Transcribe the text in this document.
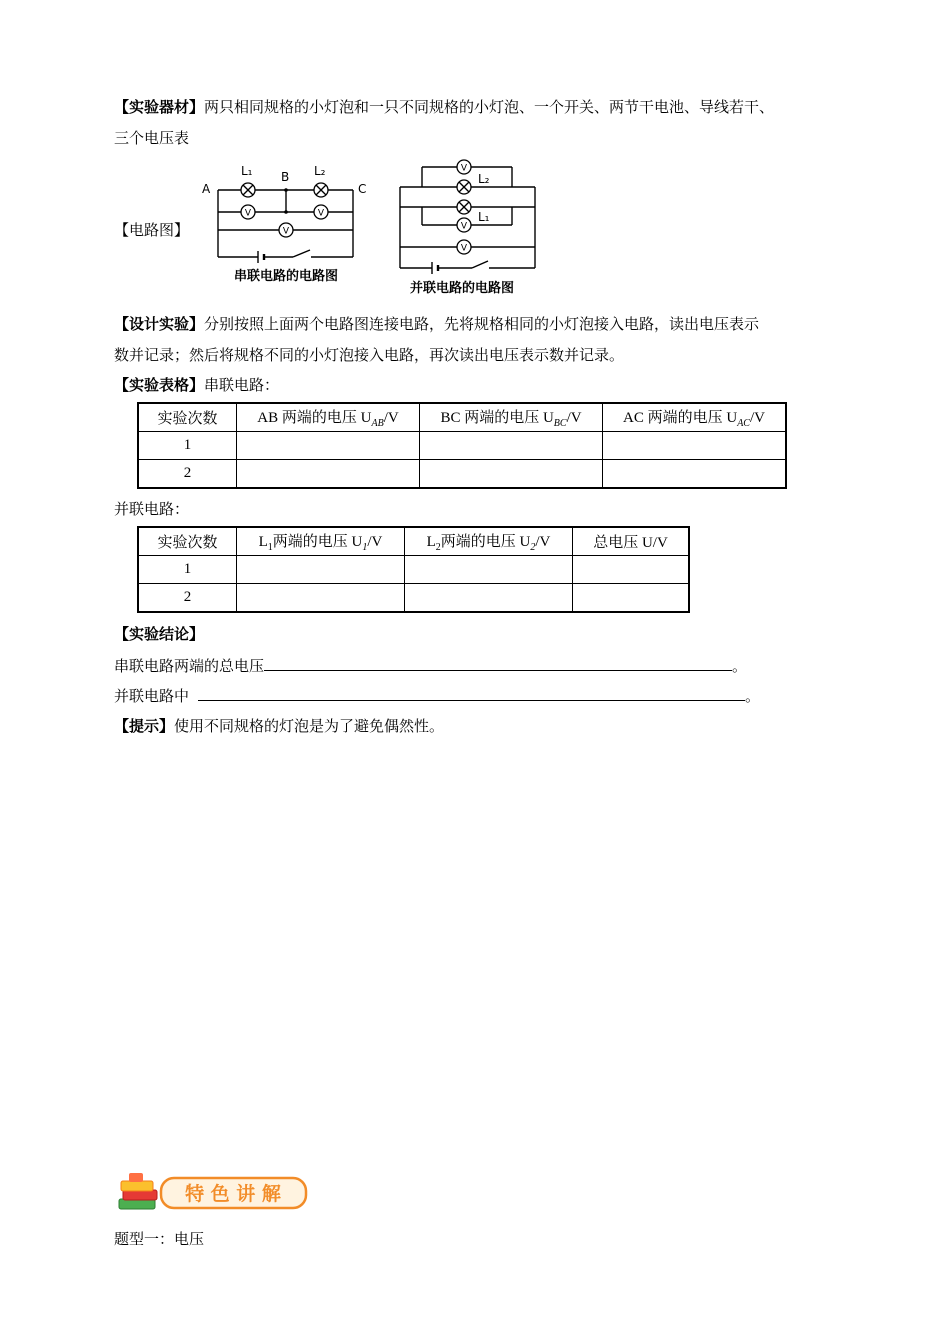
【实验器材】两只相同规格的小灯泡和一只不同规格的小灯泡、一个开关、两节干电池、导线若干、
三个电压表
【电路图】
V	V
V
A
B
C
L₁	L₂
串联电路的电路图
V
V
V
L₂
L₁
并联电路的电路图
【设计实验】分别按照上面两个电路图连接电路，先将规格相同的小灯泡接入电路，读出电压表示
数并记录；然后将规格不同的小灯泡接入电路，再次读出电压表示数并记录。
【实验表格】串联电路：
实验次数	AB 两端的电压 $U_{AB}/V$	BC 两端的电压 $U_{BC}/V$	AC 两端的电压 $U_{AC}/V$
1			
2			
并联电路：
实验次数	$L_1$两端的电压 $U_1/V$	$L_2$两端的电压 $U_2/V$	总电压 U/V
1			
2			
【实验结论】
串联电路两端的总电压	。
并联电路中	。
【提示】使用不同规格的灯泡是为了避免偶然性。
特 色 讲 解
题型一：电压
